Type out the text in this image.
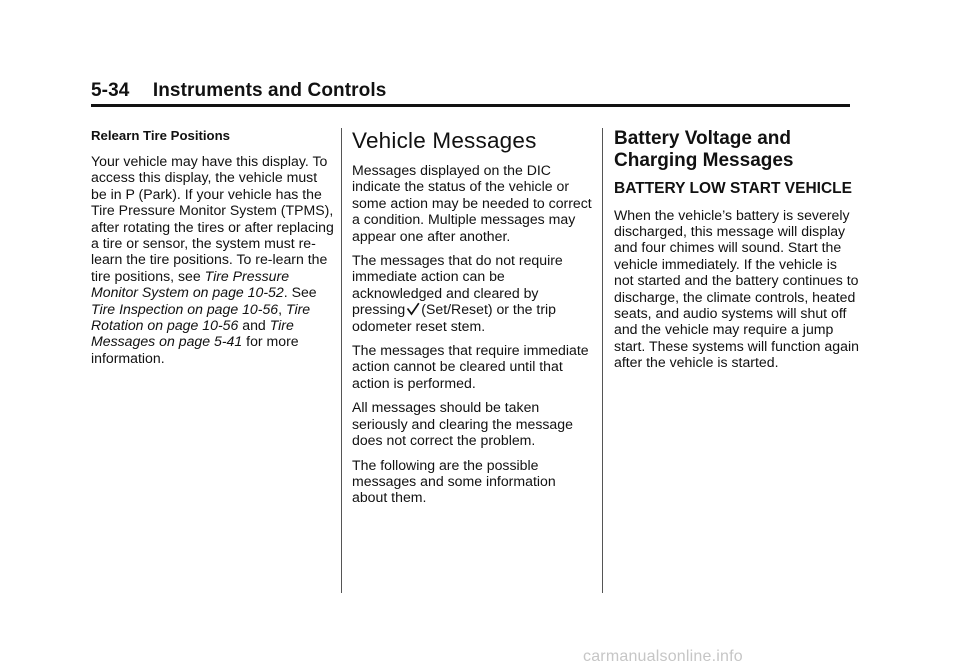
5-34 Instruments and Controls
Relearn Tire Positions

Your vehicle may have this display. To access this display, the vehicle must be in P (Park). If your vehicle has the Tire Pressure Monitor System (TPMS), after rotating the tires or after replacing a tire or sensor, the system must re-learn the tire positions. To re-learn the tire positions, see Tire Pressure Monitor System on page 10-52. See Tire Inspection on page 10-56, Tire Rotation on page 10-56 and Tire Messages on page 5-41 for more information.

Vehicle Messages

Messages displayed on the DIC indicate the status of the vehicle or some action may be needed to correct a condition. Multiple messages may appear one after another.

The messages that do not require immediate action can be acknowledged and cleared by pressing (Set/Reset) or the trip odometer reset stem.

The messages that require immediate action cannot be cleared until that action is performed.

All messages should be taken seriously and clearing the message does not correct the problem.

The following are the possible messages and some information about them.

Battery Voltage and Charging Messages
BATTERY LOW START VEHICLE

When the vehicle’s battery is severely discharged, this message will display and four chimes will sound. Start the vehicle immediately. If the vehicle is not started and the battery continues to discharge, the climate controls, heated seats, and audio systems will shut off and the vehicle may require a jump start. These systems will function again after the vehicle is started.

carmanualsonline.info
